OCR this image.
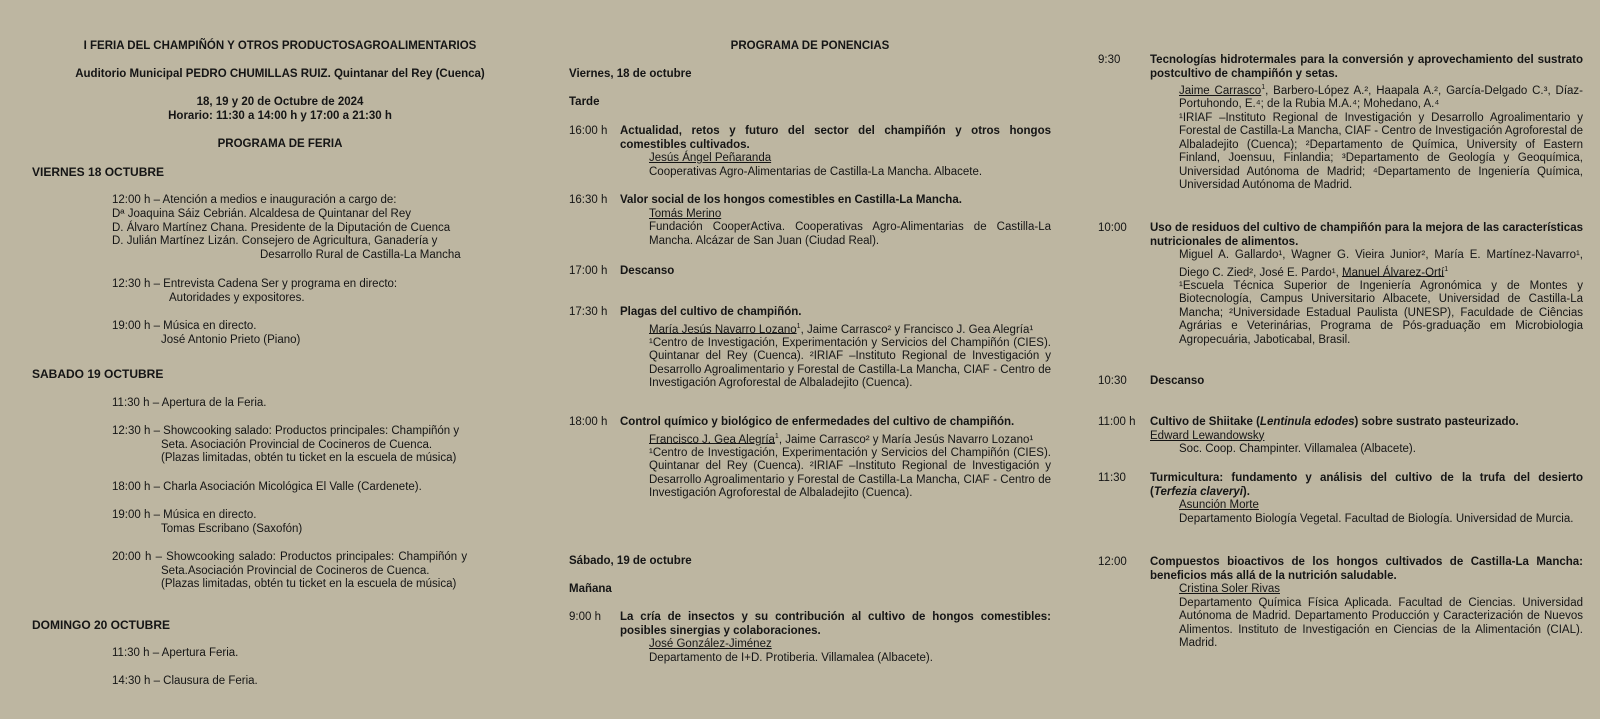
I FERIA DEL CHAMPIÑÓN Y OTROS PRODUCTOSAGROALIMENTARIOS
Auditorio Municipal PEDRO CHUMILLAS RUIZ. Quintanar del Rey (Cuenca)
18, 19 y 20 de Octubre de 2024
Horario: 11:30 a 14:00 h y 17:00 a 21:30 h
PROGRAMA DE FERIA
VIERNES 18 OCTUBRE
12:00 h – Atención a medios e inauguración a cargo de:
Dª Joaquina Sáiz Cebrián. Alcaldesa de Quintanar del Rey
D. Álvaro Martínez Chana. Presidente de la Diputación de Cuenca
D. Julián Martínez Lizán. Consejero de Agricultura, Ganadería y
Desarrollo Rural de Castilla-La Mancha
12:30 h – Entrevista Cadena Ser y programa en directo:
Autoridades y expositores.
19:00 h – Música en directo.
José Antonio Prieto (Piano)
SABADO 19 OCTUBRE
11:30 h – Apertura de la Feria.
12:30 h – Showcooking salado: Productos principales: Champiñón y
Seta. Asociación Provincial de Cocineros de Cuenca.
(Plazas limitadas, obtén tu ticket en la escuela de música)
18:00 h – Charla Asociación Micológica El Valle (Cardenete).
19:00 h – Música en directo.
Tomas Escribano (Saxofón)
20:00 h – Showcooking salado: Productos principales: Champiñón y
Seta.Asociación Provincial de Cocineros de Cuenca.
(Plazas limitadas, obtén tu ticket en la escuela de música)
DOMINGO 20 OCTUBRE
11:30 h – Apertura Feria.
14:30 h – Clausura de Feria.
PROGRAMA DE PONENCIAS
Viernes, 18 de octubre
Tarde
16:00 h	Actualidad, retos y futuro del sector del champiñón y otros hongos comestibles cultivados.
Jesús Ángel Peñaranda
Cooperativas Agro-Alimentarias de Castilla-La Mancha. Albacete.
16:30 h	Valor social de los hongos comestibles en Castilla-La Mancha.
Tomás Merino
Fundación CooperActiva. Cooperativas Agro-Alimentarias de Castilla-La Mancha. Alcázar de San Juan (Ciudad Real).
17:00 h	Descanso
17:30 h	Plagas del cultivo de champiñón.
María Jesús Navarro Lozano$^1$, Jaime Carrasco² y Francisco J. Gea Alegría¹
¹Centro de Investigación, Experimentación y Servicios del Champiñón (CIES). Quintanar del Rey (Cuenca). ²IRIAF –Instituto Regional de Investigación y Desarrollo Agroalimentario y Forestal de Castilla-La Mancha, CIAF - Centro de Investigación Agroforestal de Albaladejito (Cuenca).
18:00 h	Control químico y biológico de enfermedades del cultivo de champiñón.
Francisco J. Gea Alegría$^1$, Jaime Carrasco² y María Jesús Navarro Lozano¹
¹Centro de Investigación, Experimentación y Servicios del Champiñón (CIES). Quintanar del Rey (Cuenca). ²IRIAF –Instituto Regional de Investigación y Desarrollo Agroalimentario y Forestal de Castilla-La Mancha, CIAF - Centro de Investigación Agroforestal de Albaladejito (Cuenca).
Sábado, 19 de octubre
Mañana
9:00 h	La cría de insectos y su contribución al cultivo de hongos comestibles: posibles sinergias y colaboraciones.
José González-Jiménez
Departamento de I+D. Protiberia. Villamalea (Albacete).
9:30	Tecnologías hidrotermales para la conversión y aprovechamiento del sustrato postcultivo de champiñón y setas.
Jaime Carrasco$^1$, Barbero-López A.², Haapala A.², García-Delgado C.³, Díaz-Portuhondo, E.⁴; de la Rubia M.A.⁴; Mohedano, A.⁴
¹IRIAF –Instituto Regional de Investigación y Desarrollo Agroalimentario y Forestal de Castilla-La Mancha, CIAF - Centro de Investigación Agroforestal de Albaladejito (Cuenca); ²Departamento de Química, University of Eastern Finland, Joensuu, Finlandia; ³Departamento de Geología y Geoquímica, Universidad Autónoma de Madrid; ⁴Departamento de Ingeniería Química, Universidad Autónoma de Madrid.
10:00	Uso de residuos del cultivo de champiñón para la mejora de las características nutricionales de alimentos.
Miguel A. Gallardo¹, Wagner G. Vieira Junior², María E. Martínez-Navarro¹, Diego C. Zied², José E. Pardo¹, Manuel Álvarez-Ortí$^1$
¹Escuela Técnica Superior de Ingeniería Agronómica y de Montes y Biotecnología, Campus Universitario Albacete, Universidad de Castilla-La Mancha; ²Universidade Estadual Paulista (UNESP), Faculdade de Ciências Agrárias e Veterinárias, Programa de Pós-graduação em Microbiologia Agropecuária, Jaboticabal, Brasil.
10:30	Descanso
11:00 h	Cultivo de Shiitake (Lentinula edodes) sobre sustrato pasteurizado.
Edward Lewandowsky
Soc. Coop. Champinter. Villamalea (Albacete).
11:30	Turmicultura: fundamento y análisis del cultivo de la trufa del desierto (Terfezia claveryi).
Asunción Morte
Departamento Biología Vegetal. Facultad de Biología. Universidad de Murcia.
12:00	Compuestos bioactivos de los hongos cultivados de Castilla-La Mancha: beneficios más allá de la nutrición saludable.
Cristina Soler Rivas
Departamento Química Física Aplicada. Facultad de Ciencias. Universidad Autónoma de Madrid. Departamento Producción y Caracterización de Nuevos Alimentos. Instituto de Investigación en Ciencias de la Alimentación (CIAL). Madrid.
